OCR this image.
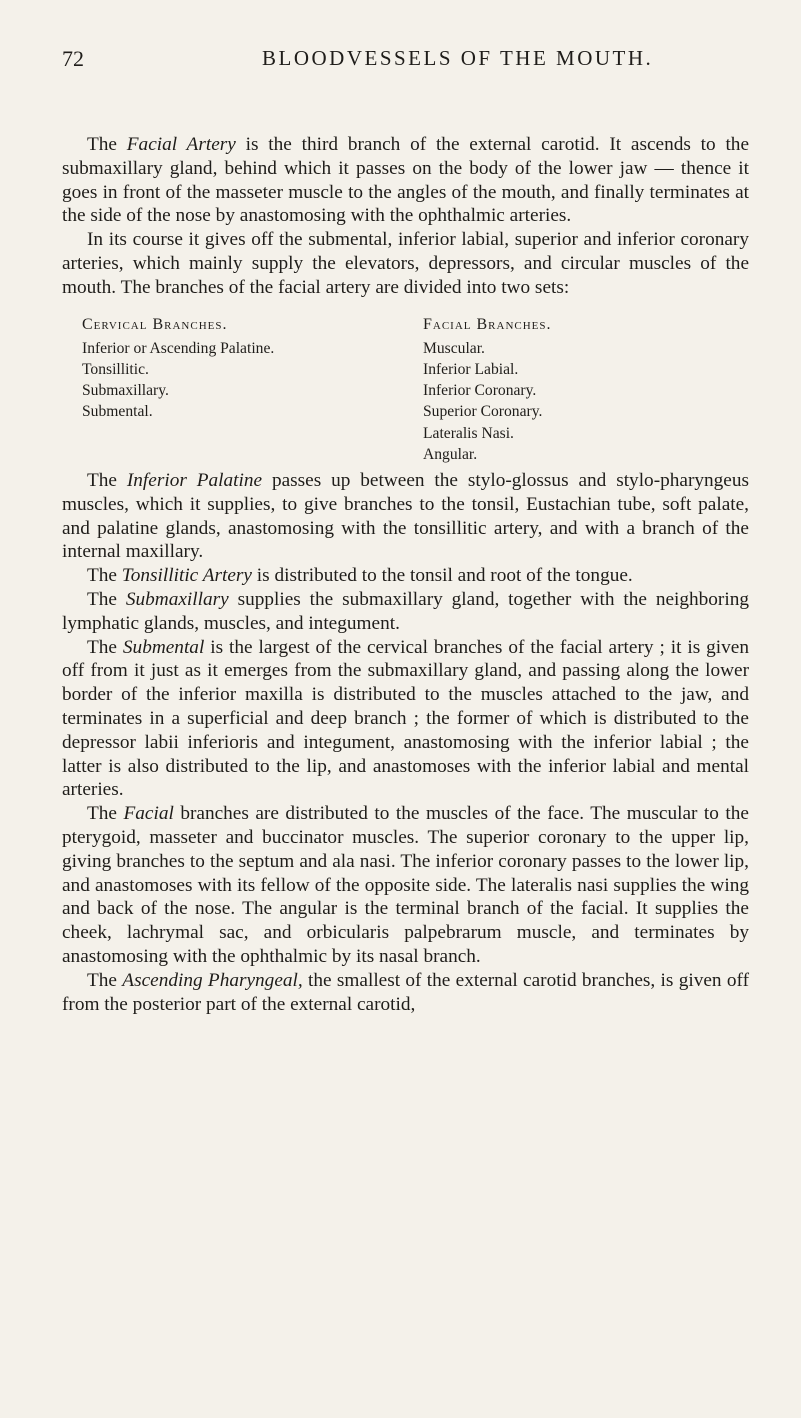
72	BLOODVESSELS OF THE MOUTH.

The Facial Artery is the third branch of the external carotid. It ascends to the submaxillary gland, behind which it passes on the body of the lower jaw — thence it goes in front of the masseter muscle to the angles of the mouth, and finally terminates at the side of the nose by anastomosing with the ophthalmic arteries.

In its course it gives off the submental, inferior labial, superior and inferior coronary arteries, which mainly supply the elevators, depressors, and circular muscles of the mouth. The branches of the facial artery are divided into two sets:

Cervical Branches.
Inferior or Ascending Palatine.
Tonsillitic.
Submaxillary.
Submental.
Facial Branches.
Muscular.
Inferior Labial.
Inferior Coronary.
Superior Coronary.
Lateralis Nasi.
Angular.

The Inferior Palatine passes up between the stylo-glossus and stylo-pharyngeus muscles, which it supplies, to give branches to the tonsil, Eustachian tube, soft palate, and palatine glands, anastomosing with the tonsillitic artery, and with a branch of the internal maxillary.

The Tonsillitic Artery is distributed to the tonsil and root of the tongue.

The Submaxillary supplies the submaxillary gland, together with the neighboring lymphatic glands, muscles, and integument.

The Submental is the largest of the cervical branches of the facial artery ; it is given off from it just as it emerges from the submaxillary gland, and passing along the lower border of the inferior maxilla is distributed to the muscles attached to the jaw, and terminates in a superficial and deep branch ; the former of which is distributed to the depressor labii inferioris and integument, anastomosing with the inferior labial ; the latter is also distributed to the lip, and anastomoses with the inferior labial and mental arteries.

The Facial branches are distributed to the muscles of the face. The muscular to the pterygoid, masseter and buccinator muscles. The superior coronary to the upper lip, giving branches to the septum and ala nasi. The inferior coronary passes to the lower lip, and anastomoses with its fellow of the opposite side. The lateralis nasi supplies the wing and back of the nose. The angular is the terminal branch of the facial. It supplies the cheek, lachrymal sac, and orbicularis palpebrarum muscle, and terminates by anastomosing with the ophthalmic by its nasal branch.

The Ascending Pharyngeal, the smallest of the external carotid branches, is given off from the posterior part of the external carotid,
